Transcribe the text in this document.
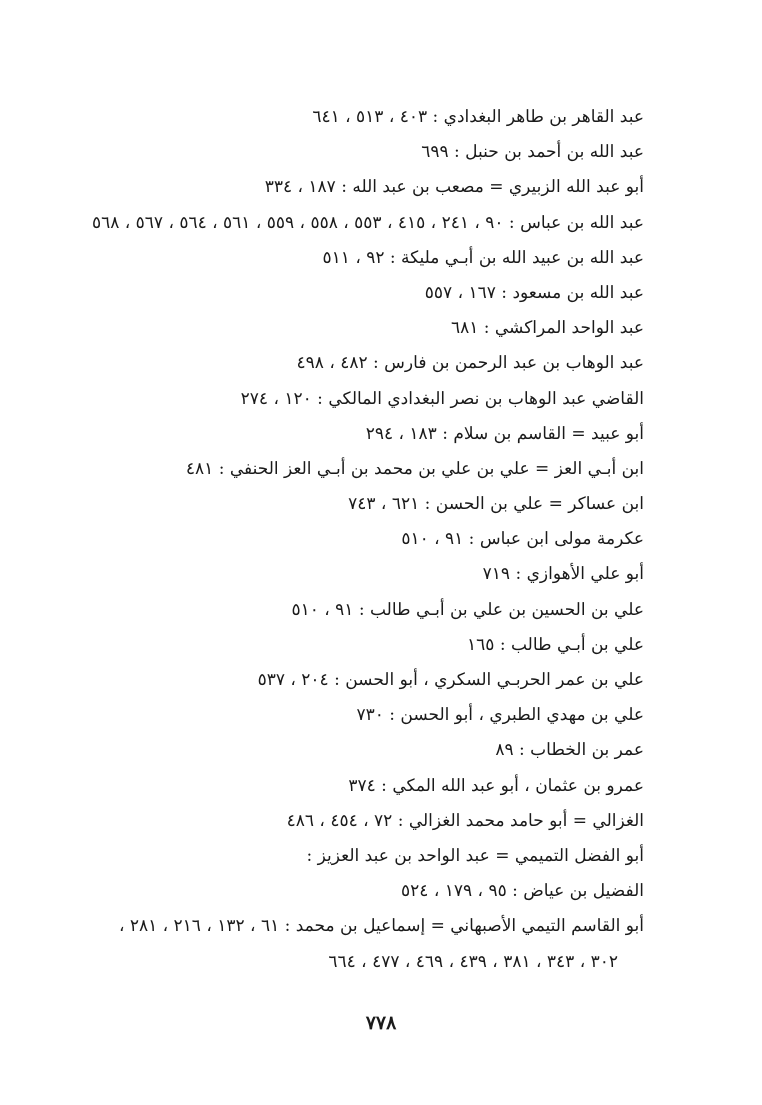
عبد القاهر بن طاهر البغدادي : ٤٠٣ ، ٥١٣ ، ٦٤١
عبد الله بن أحمد بن حنبل : ٦٩٩
أبو عبد الله الزبيري = مصعب بن عبد الله : ١٨٧ ، ٣٣٤
عبد الله بن عباس : ٩٠ ، ٢٤١ ، ٤١٥ ، ٥٥٣ ، ٥٥٨ ، ٥٥٩ ، ٥٦١ ، ٥٦٤ ، ٥٦٧ ، ٥٦٨
عبد الله بن عبيد الله بن أبـي مليكة : ٩٢ ، ٥١١
عبد الله بن مسعود : ١٦٧ ، ٥٥٧
عبد الواحد المراكشي : ٦٨١
عبد الوهاب بن عبد الرحمن بن فارس : ٤٨٢ ، ٤٩٨
القاضي عبد الوهاب بن نصر البغدادي المالكي : ١٢٠ ، ٢٧٤
أبو عبيد = القاسم بن سلام : ١٨٣ ، ٢٩٤
ابن أبـي العز = علي بن علي بن محمد بن أبـي العز الحنفي : ٤٨١
ابن عساكر = علي بن الحسن : ٦٢١ ، ٧٤٣
عكرمة مولى ابن عباس : ٩١ ، ٥١٠
أبو علي الأهوازي : ٧١٩
علي بن الحسين بن علي بن أبـي طالب : ٩١ ، ٥١٠
علي بن أبـي طالب : ١٦٥
علي بن عمر الحربـي السكري ، أبو الحسن : ٢٠٤ ، ٥٣٧
علي بن مهدي الطبري ، أبو الحسن : ٧٣٠
عمر بن الخطاب : ٨٩
عمرو بن عثمان ، أبو عبد الله المكي : ٣٧٤
الغزالي = أبو حامد محمد الغزالي : ٧٢ ، ٤٥٤ ، ٤٨٦
أبو الفضل التميمي = عبد الواحد بن عبد العزيز :
الفضيل بن عياض : ٩٥ ، ١٧٩ ، ٥٢٤
أبو القاسم التيمي الأصبهاني = إسماعيل بن محمد : ٦١ ، ١٣٢ ، ٢١٦ ، ٢٨١ ،
٣٠٢ ، ٣٤٣ ، ٣٨١ ، ٤٣٩ ، ٤٦٩ ، ٤٧٧ ، ٦٦٤
٧٧٨
